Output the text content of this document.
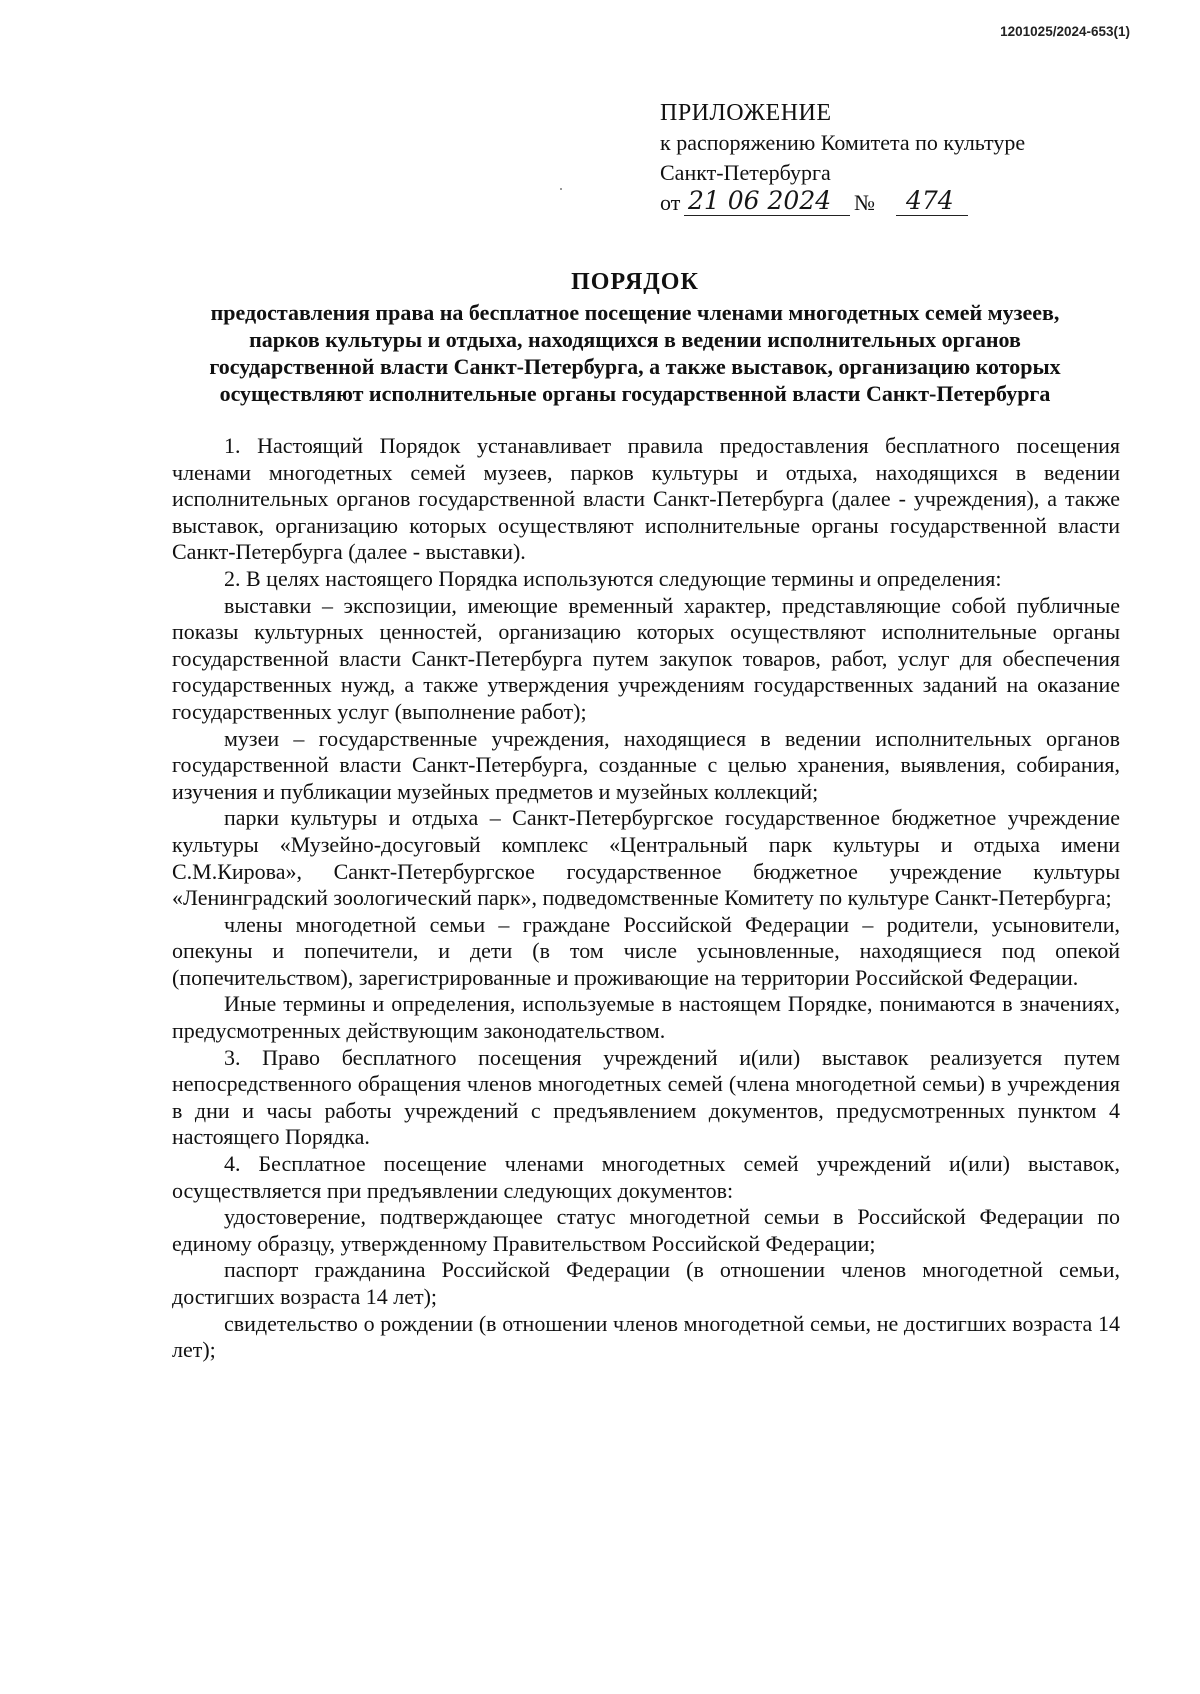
1201025/2024-653(1)
ПРИЛОЖЕНИЕ
к распоряжению Комитета по культуре
Санкт-Петербурга
от 21 06 2024 № 474
ПОРЯДОК
предоставления права на бесплатное посещение членами многодетных семей музеев,
парков культуры и отдыха, находящихся в ведении исполнительных органов
государственной власти Санкт-Петербурга, а также выставок, организацию которых
осуществляют исполнительные органы государственной власти Санкт-Петербурга

1. Настоящий Порядок устанавливает правила предоставления бесплатного посещения членами многодетных семей музеев, парков культуры и отдыха, находящихся в ведении исполнительных органов государственной власти Санкт-Петербурга (далее - учреждения), а также выставок, организацию которых осуществляют исполнительные органы государственной власти Санкт-Петербурга (далее - выставки).

2. В целях настоящего Порядка используются следующие термины и определения:

выставки – экспозиции, имеющие временный характер, представляющие собой публичные показы культурных ценностей, организацию которых осуществляют исполнительные органы государственной власти Санкт-Петербурга путем закупок товаров, работ, услуг для обеспечения государственных нужд, а также утверждения учреждениям государственных заданий на оказание государственных услуг (выполнение работ);

музеи – государственные учреждения, находящиеся в ведении исполнительных органов государственной власти Санкт-Петербурга, созданные с целью хранения, выявления, собирания, изучения и публикации музейных предметов и музейных коллекций;

парки культуры и отдыха – Санкт-Петербургское государственное бюджетное учреждение культуры «Музейно-досуговый комплекс «Центральный парк культуры и отдыха имени С.М.Кирова», Санкт-Петербургское государственное бюджетное учреждение культуры «Ленинградский зоологический парк», подведомственные Комитету по культуре Санкт-Петербурга;

члены многодетной семьи – граждане Российской Федерации – родители, усыновители, опекуны и попечители, и дети (в том числе усыновленные, находящиеся под опекой (попечительством), зарегистрированные и проживающие на территории Российской Федерации.

Иные термины и определения, используемые в настоящем Порядке, понимаются в значениях, предусмотренных действующим законодательством.

3. Право бесплатного посещения учреждений и(или) выставок реализуется путем непосредственного обращения членов многодетных семей (члена многодетной семьи) в учреждения в дни и часы работы учреждений с предъявлением документов, предусмотренных пунктом 4 настоящего Порядка.

4. Бесплатное посещение членами многодетных семей учреждений и(или) выставок, осуществляется при предъявлении следующих документов:

удостоверение, подтверждающее статус многодетной семьи в Российской Федерации по единому образцу, утвержденному Правительством Российской Федерации;

паспорт гражданина Российской Федерации (в отношении членов многодетной семьи, достигших возраста 14 лет);

свидетельство о рождении (в отношении членов многодетной семьи, не достигших возраста 14 лет);
